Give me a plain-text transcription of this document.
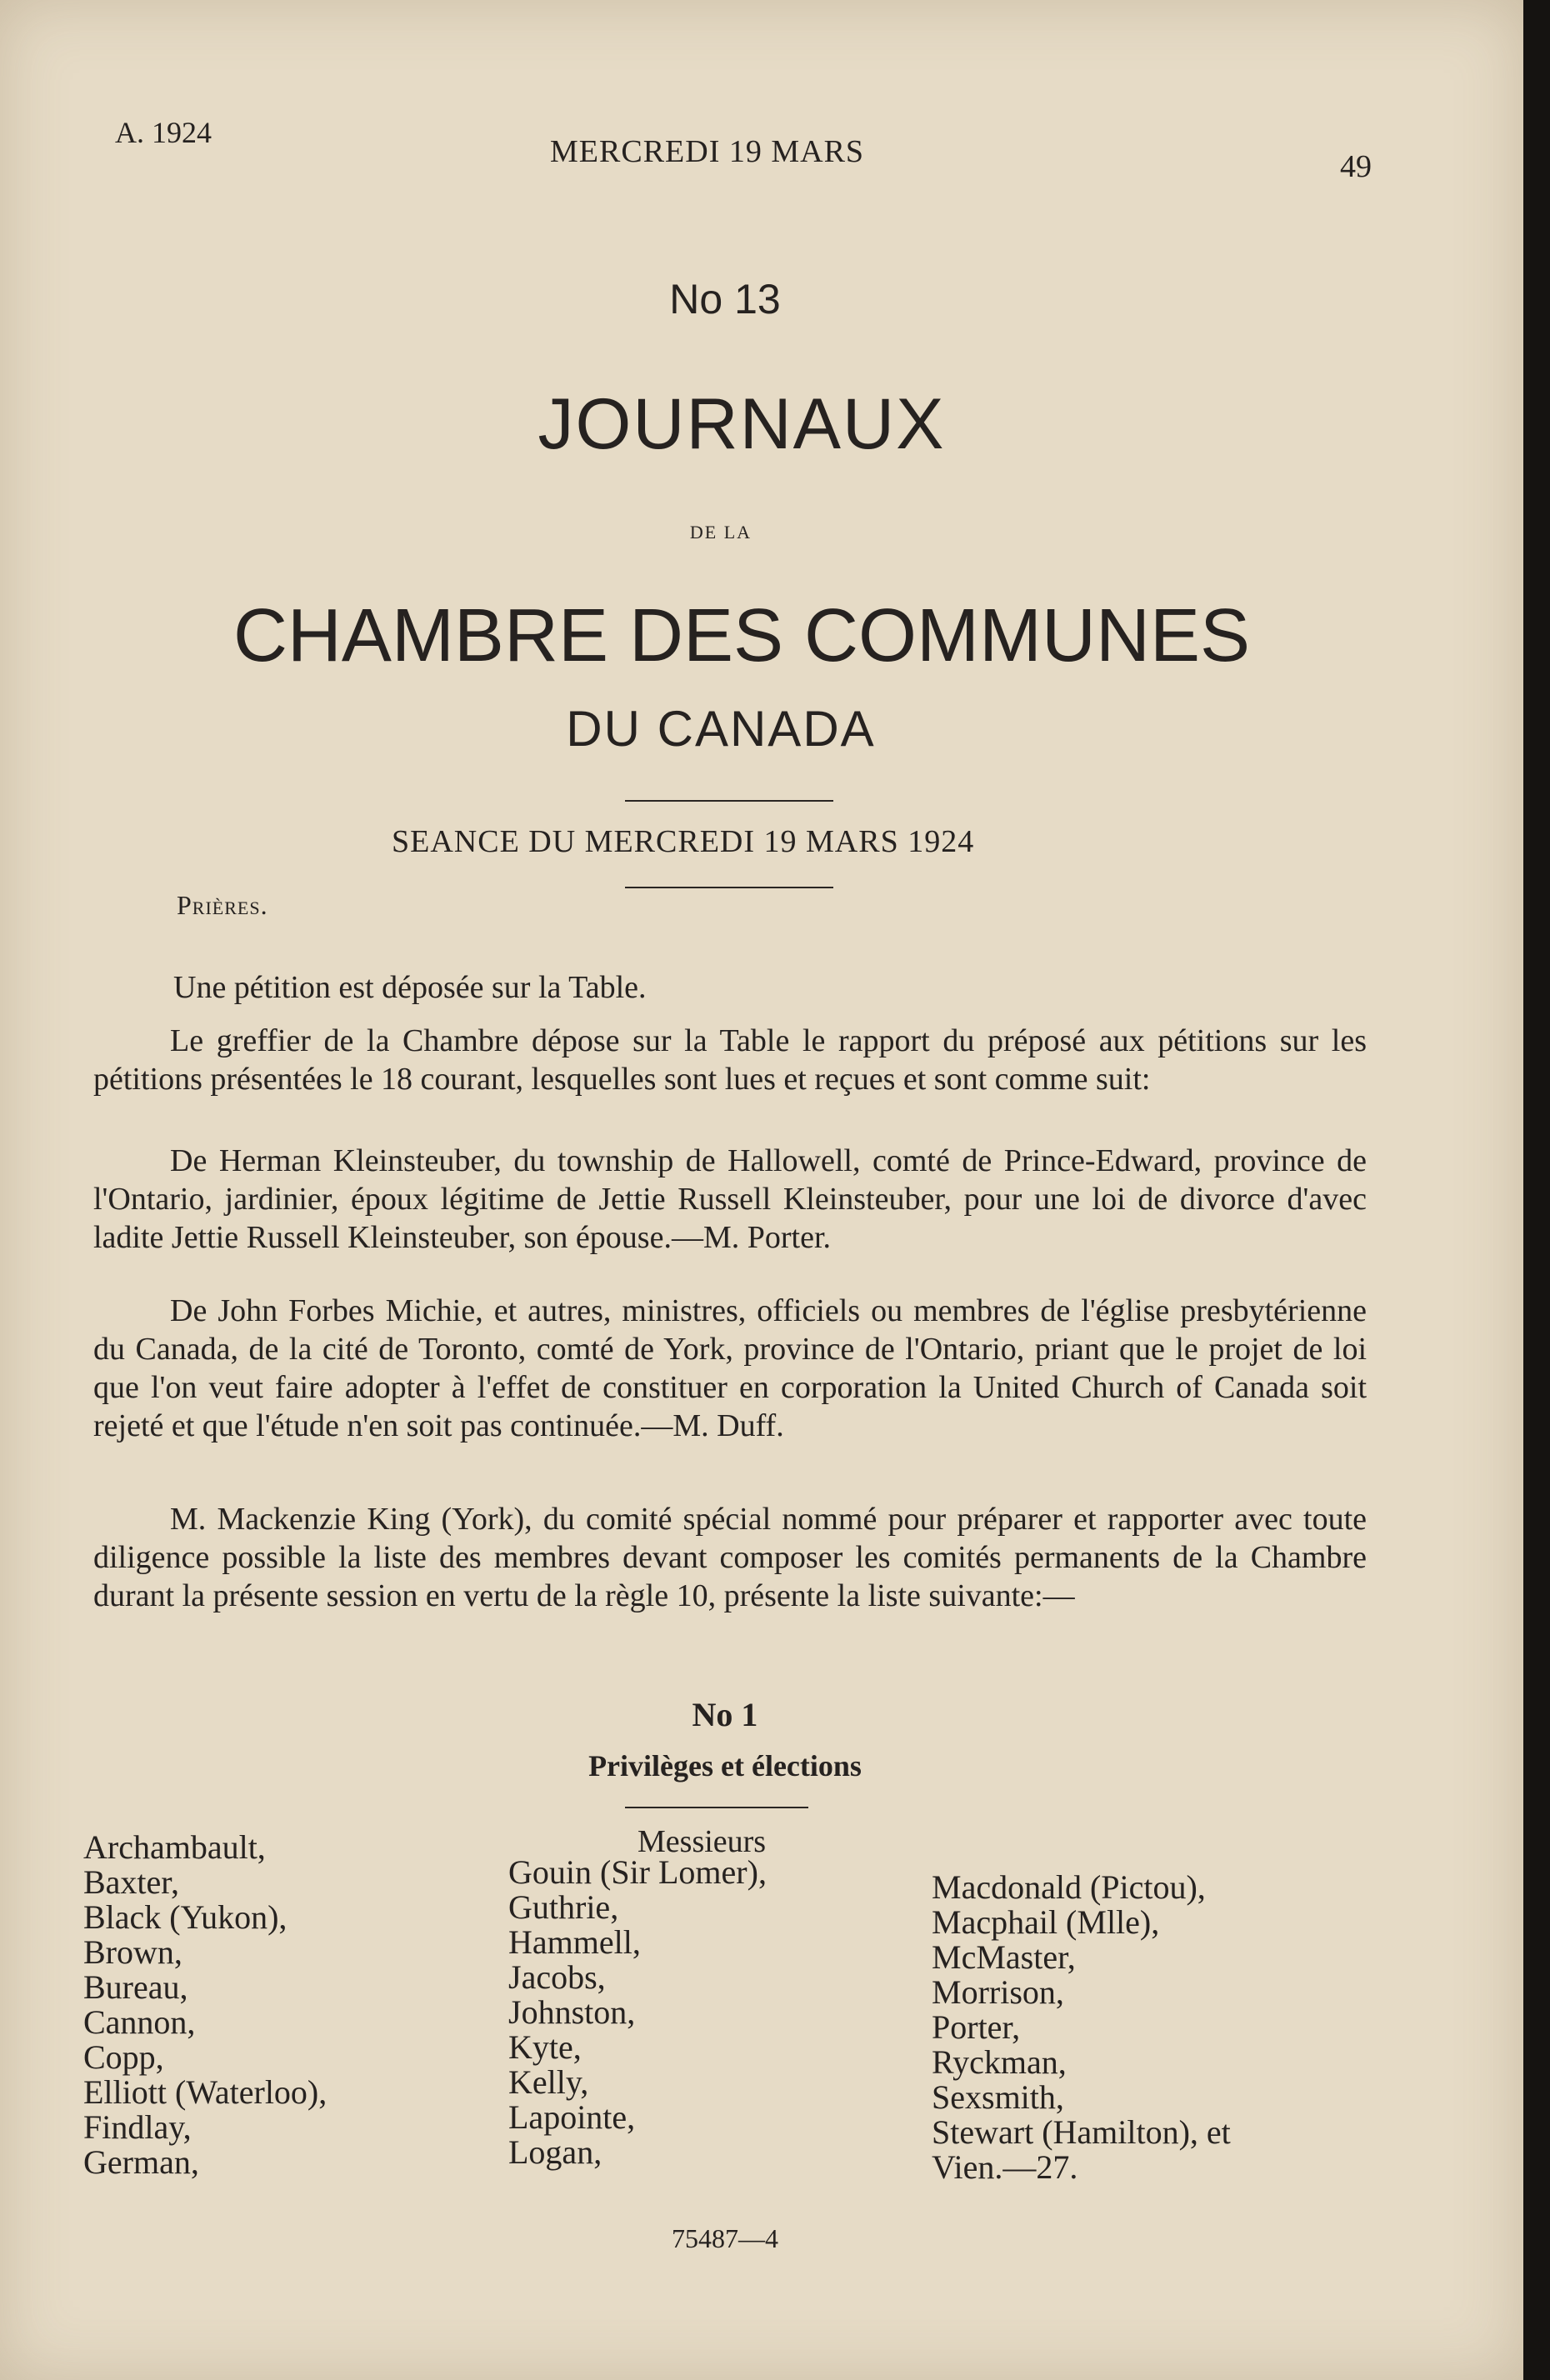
A. 1924
MERCREDI 19 MARS	49
No 13
JOURNAUX
DE LA
CHAMBRE DES COMMUNES
DU CANADA
SEANCE DU MERCREDI 19 MARS 1924
Prières.
Une pétition est déposée sur la Table.
Le greffier de la Chambre dépose sur la Table le rapport du préposé aux pétitions sur les pétitions présentées le 18 courant, lesquelles sont lues et reçues et sont comme suit:
De Herman Kleinsteuber, du township de Hallowell, comté de Prince-Edward, province de l'Ontario, jardinier, époux légitime de Jettie Russell Kleinsteuber, pour une loi de divorce d'avec ladite Jettie Russell Kleinsteuber, son épouse.—M. Porter.
De John Forbes Michie, et autres, ministres, officiels ou membres de l'église presbytérienne du Canada, de la cité de Toronto, comté de York, province de l'Ontario, priant que le projet de loi que l'on veut faire adopter à l'effet de constituer en corporation la United Church of Canada soit rejeté et que l'étude n'en soit pas continuée.—M. Duff.
M. Mackenzie King (York), du comité spécial nommé pour préparer et rapporter avec toute diligence possible la liste des membres devant composer les comités permanents de la Chambre durant la présente session en vertu de la règle 10, présente la liste suivante:—
No 1
Privilèges et élections
Messieurs
Archambault,
Baxter,
Black (Yukon),
Brown,
Bureau,
Cannon,
Copp,
Elliott (Waterloo),
Findlay,
German,
Gouin (Sir Lomer),
Guthrie,
Hammell,
Jacobs,
Johnston,
Kyte,
Kelly,
Lapointe,
Logan,
Macdonald (Pictou),
Macphail (Mlle),
McMaster,
Morrison,
Porter,
Ryckman,
Sexsmith,
Stewart (Hamilton), et
Vien.—27.
75487—4
